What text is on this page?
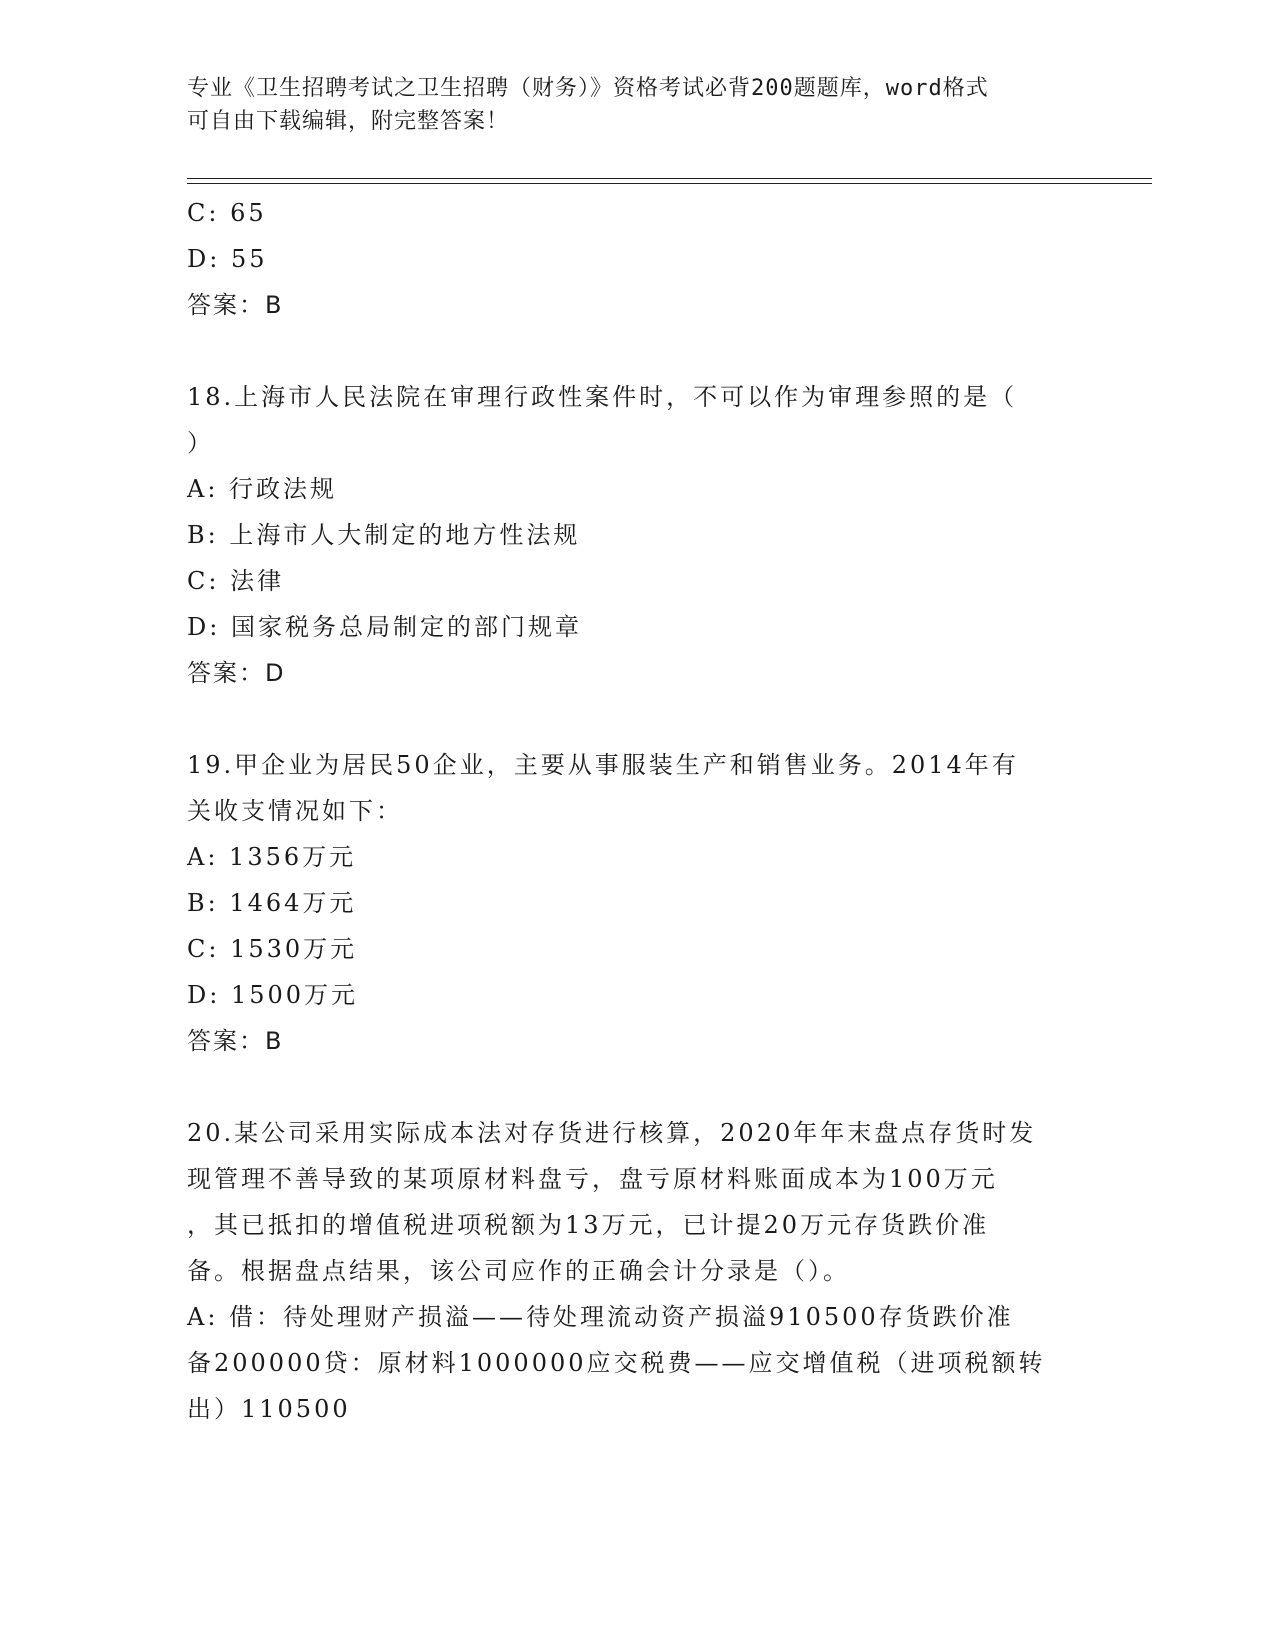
专业《卫生招聘考试之卫生招聘（财务）》资格考试必背200题题库，word格式
可自由下载编辑，附完整答案！
C: 65
D: 55
答案：B
18.上海市人民法院在审理行政性案件时，不可以作为审理参照的是（
）
A: 行政法规
B: 上海市人大制定的地方性法规
C: 法律
D: 国家税务总局制定的部门规章
答案：D
19.甲企业为居民50企业，主要从事服装生产和销售业务。2014年有
关收支情况如下：
A: 1356万元
B: 1464万元
C: 1530万元
D: 1500万元
答案：B
20.某公司采用实际成本法对存货进行核算，2020年年末盘点存货时发
现管理不善导致的某项原材料盘亏，盘亏原材料账面成本为100万元
，其已抵扣的增值税进项税额为13万元，已计提20万元存货跌价准
备。根据盘点结果，该公司应作的正确会计分录是（）。
A: 借：待处理财产损溢——待处理流动资产损溢910500存货跌价准
备200000贷：原材料1000000应交税费——应交增值税（进项税额转
出）110500
